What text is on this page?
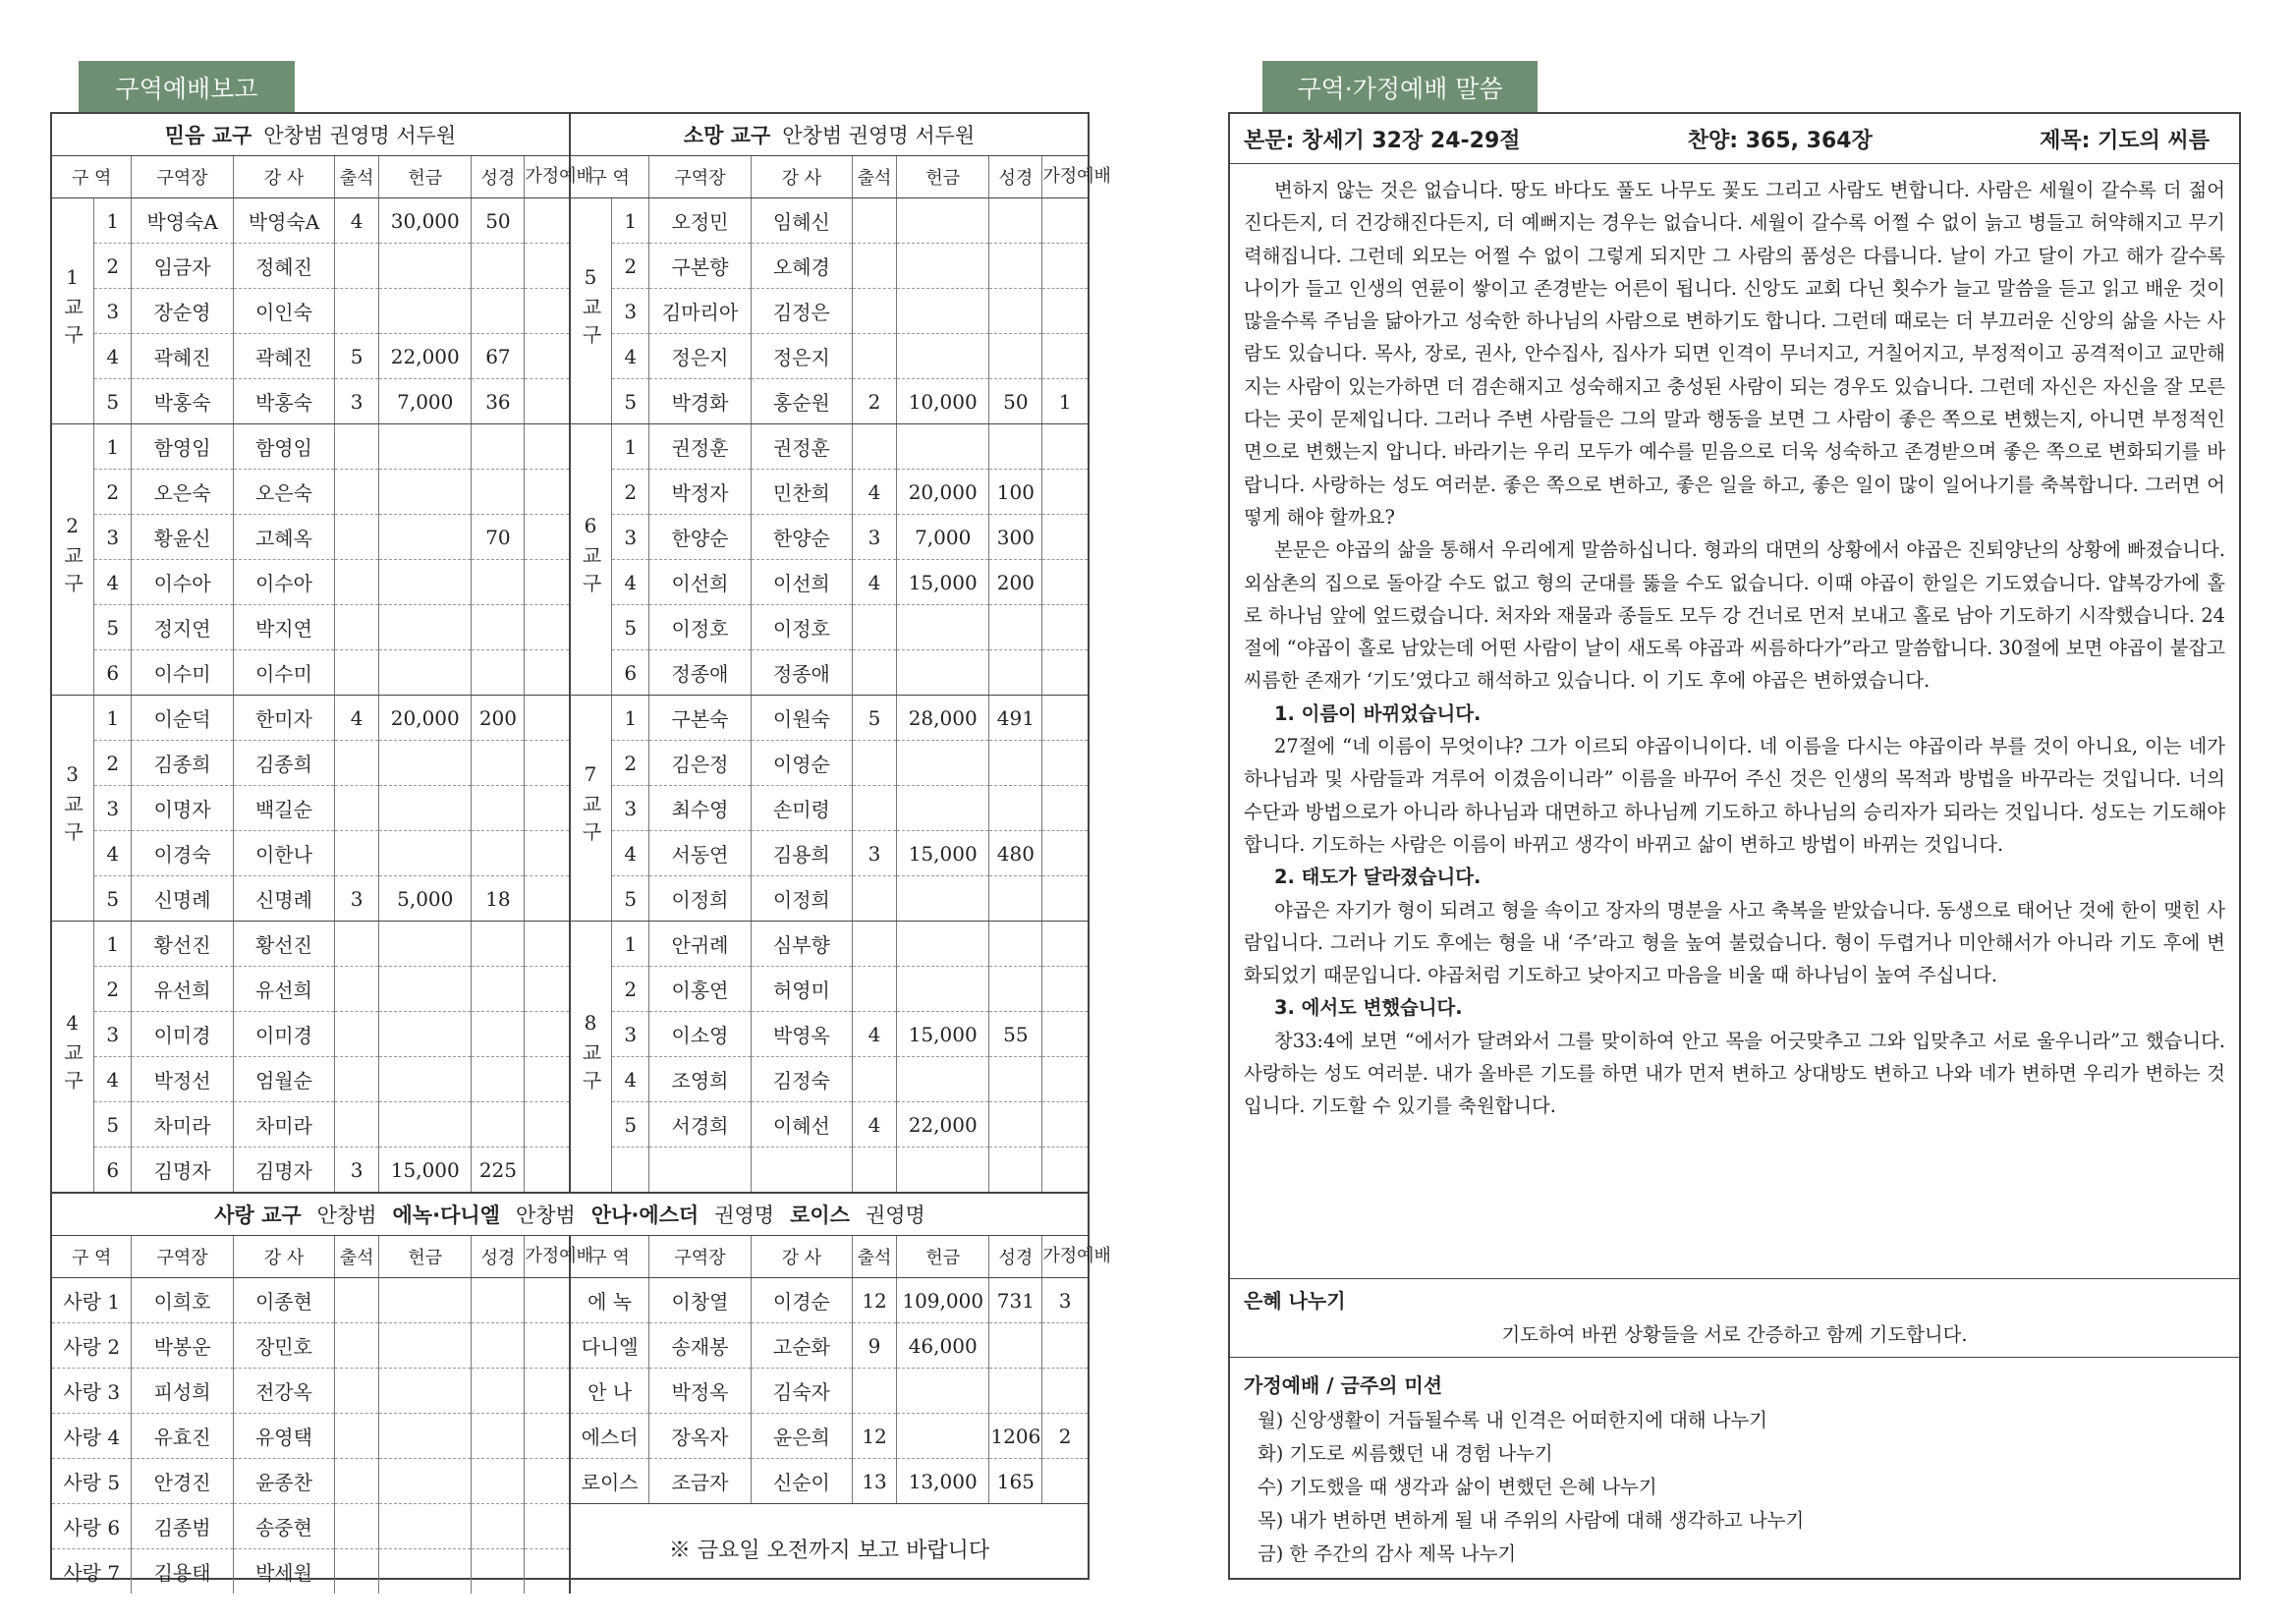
구역예배보고	구역·가정예배 말씀
믿음 교구 안창범 권영명 서두원	소망 교구 안창범 권영명 서두원
구 역		구역장	강 사	출석	헌금	성경	가정예배	구 역		구역장	강 사	출석	헌금	성경	가정예배
1교구	1	박영숙A	박영숙A	4	30,000	50		5교구	1	오정민	임혜신				
	2	임금자	정혜진						2	구본향	오혜경				
	3	장순영	이인숙						3	김마리아	김정은				
	4	곽혜진	곽혜진	5	22,000	67			4	정은지	정은지				
	5	박홍숙	박홍숙	3	7,000	36			5	박경화	홍순원	2	10,000	50	1
2교구	1	함영임	함영임					6교구	1	권정훈	권정훈				
	2	오은숙	오은숙						2	박정자	민찬희	4	20,000	100	
	3	황윤신	고혜옥			70			3	한양순	한양순	3	7,000	300	
	4	이수아	이수아						4	이선희	이선희	4	15,000	200	
	5	정지연	박지연						5	이정호	이정호				
	6	이수미	이수미						6	정종애	정종애				
3교구	1	이순덕	한미자	4	20,000	200		7교구	1	구본숙	이원숙	5	28,000	491	
	2	김종희	김종희						2	김은정	이영순				
	3	이명자	백길순						3	최수영	손미령				
	4	이경숙	이한나						4	서동연	김용희	3	15,000	480	
	5	신명례	신명례	3	5,000	18			5	이정희	이정희				
4교구	1	황선진	황선진					8교구	1	안귀례	심부향				
	2	유선희	유선희						2	이홍연	허영미				
	3	이미경	이미경						3	이소영	박영옥	4	15,000	55	
	4	박정선	엄월순						4	조영희	김정숙				
	5	차미라	차미라						5	서경희	이혜선	4	22,000		
	6	김명자	김명자	3	15,000	225									
사랑 교구 안창범 에녹·다니엘 안창범 안나·에스더 권영명 로이스 권영명
구 역	구역장	강 사	출석	헌금	성경	가정예배	구 역	구역장	강 사	출석	헌금	성경	가정예배
사랑 1	이희호	이종현					에 녹	이창열	이경순	12	109,000	731	3
사랑 2	박봉운	장민호					다니엘	송재봉	고순화	9	46,000		
사랑 3	피성희	전강옥					안 나	박정옥	김숙자				
사랑 4	유효진	유영택					에스더	장옥자	윤은희	12		1206	2
사랑 5	안경진	윤종찬					로이스	조금자	신순이	13	13,000	165	
사랑 6	김종범	송중현					※ 금요일 오전까지 보고 바랍니다						
사랑 7	김용태	박세원											
본문: 창세기 32장 24-29절	찬양: 365, 364장	제목: 기도의 씨름

변하지 않는 것은 없습니다. 땅도 바다도 풀도 나무도 꽃도 그리고 사람도 변합니다. 사람은 세월이 갈수록 더 젊어진다든지, 더 건강해진다든지, 더 예뻐지는 경우는 없습니다. 세월이 갈수록 어쩔 수 없이 늙고 병들고 허약해지고 무기력해집니다. 그런데 외모는 어쩔 수 없이 그렇게 되지만 그 사람의 품성은 다릅니다. 날이 가고 달이 가고 해가 갈수록 나이가 들고 인생의 연륜이 쌓이고 존경받는 어른이 됩니다. 신앙도 교회 다닌 횟수가 늘고 말씀을 듣고 읽고 배운 것이 많을수록 주님을 닮아가고 성숙한 하나님의 사람으로 변하기도 합니다. 그런데 때로는 더 부끄러운 신앙의 삶을 사는 사람도 있습니다. 목사, 장로, 권사, 안수집사, 집사가 되면 인격이 무너지고, 거칠어지고, 부정적이고 공격적이고 교만해지는 사람이 있는가하면 더 겸손해지고 성숙해지고 충성된 사람이 되는 경우도 있습니다. 그런데 자신은 자신을 잘 모른다는 곳이 문제입니다. 그러나 주변 사람들은 그의 말과 행동을 보면 그 사람이 좋은 쪽으로 변했는지, 아니면 부정적인 면으로 변했는지 압니다. 바라기는 우리 모두가 예수를 믿음으로 더욱 성숙하고 존경받으며 좋은 쪽으로 변화되기를 바랍니다. 사랑하는 성도 여러분. 좋은 쪽으로 변하고, 좋은 일을 하고, 좋은 일이 많이 일어나기를 축복합니다. 그러면 어떻게 해야 할까요?

본문은 야곱의 삶을 통해서 우리에게 말씀하십니다. 형과의 대면의 상황에서 야곱은 진퇴양난의 상황에 빠졌습니다. 외삼촌의 집으로 돌아갈 수도 없고 형의 군대를 뚫을 수도 없습니다. 이때 야곱이 한일은 기도였습니다. 얍복강가에 홀로 하나님 앞에 엎드렸습니다. 처자와 재물과 종들도 모두 강 건너로 먼저 보내고 홀로 남아 기도하기 시작했습니다. 24절에 “야곱이 홀로 남았는데 어떤 사람이 날이 새도록 야곱과 씨름하다가”라고 말씀합니다. 30절에 보면 야곱이 붙잡고 씨름한 존재가 ‘기도’였다고 해석하고 있습니다. 이 기도 후에 야곱은 변하였습니다.

1. 이름이 바뀌었습니다.

27절에 “네 이름이 무엇이냐? 그가 이르되 야곱이니이다. 네 이름을 다시는 야곱이라 부를 것이 아니요, 이는 네가 하나님과 및 사람들과 겨루어 이겼음이니라” 이름을 바꾸어 주신 것은 인생의 목적과 방법을 바꾸라는 것입니다. 너의 수단과 방법으로가 아니라 하나님과 대면하고 하나님께 기도하고 하나님의 승리자가 되라는 것입니다. 성도는 기도해야 합니다. 기도하는 사람은 이름이 바뀌고 생각이 바뀌고 삶이 변하고 방법이 바뀌는 것입니다.

2. 태도가 달라졌습니다.

야곱은 자기가 형이 되려고 형을 속이고 장자의 명분을 사고 축복을 받았습니다. 동생으로 태어난 것에 한이 맺힌 사람입니다. 그러나 기도 후에는 형을 내 ‘주’라고 형을 높여 불렀습니다. 형이 두렵거나 미안해서가 아니라 기도 후에 변화되었기 때문입니다. 야곱처럼 기도하고 낮아지고 마음을 비울 때 하나님이 높여 주십니다.

3. 에서도 변했습니다.

창33:4에 보면 “에서가 달려와서 그를 맞이하여 안고 목을 어긋맞추고 그와 입맞추고 서로 울우니라”고 했습니다. 사랑하는 성도 여러분. 내가 올바른 기도를 하면 내가 먼저 변하고 상대방도 변하고 나와 네가 변하면 우리가 변하는 것입니다. 기도할 수 있기를 축원합니다.

은혜 나누기
기도하여 바뀐 상황들을 서로 간증하고 함께 기도합니다.
가정예배 / 금주의 미션
월) 신앙생활이 거듭될수록 내 인격은 어떠한지에 대해 나누기
화) 기도로 씨름했던 내 경험 나누기
수) 기도했을 때 생각과 삶이 변했던 은혜 나누기
목) 내가 변하면 변하게 될 내 주위의 사람에 대해 생각하고 나누기
금) 한 주간의 감사 제목 나누기
